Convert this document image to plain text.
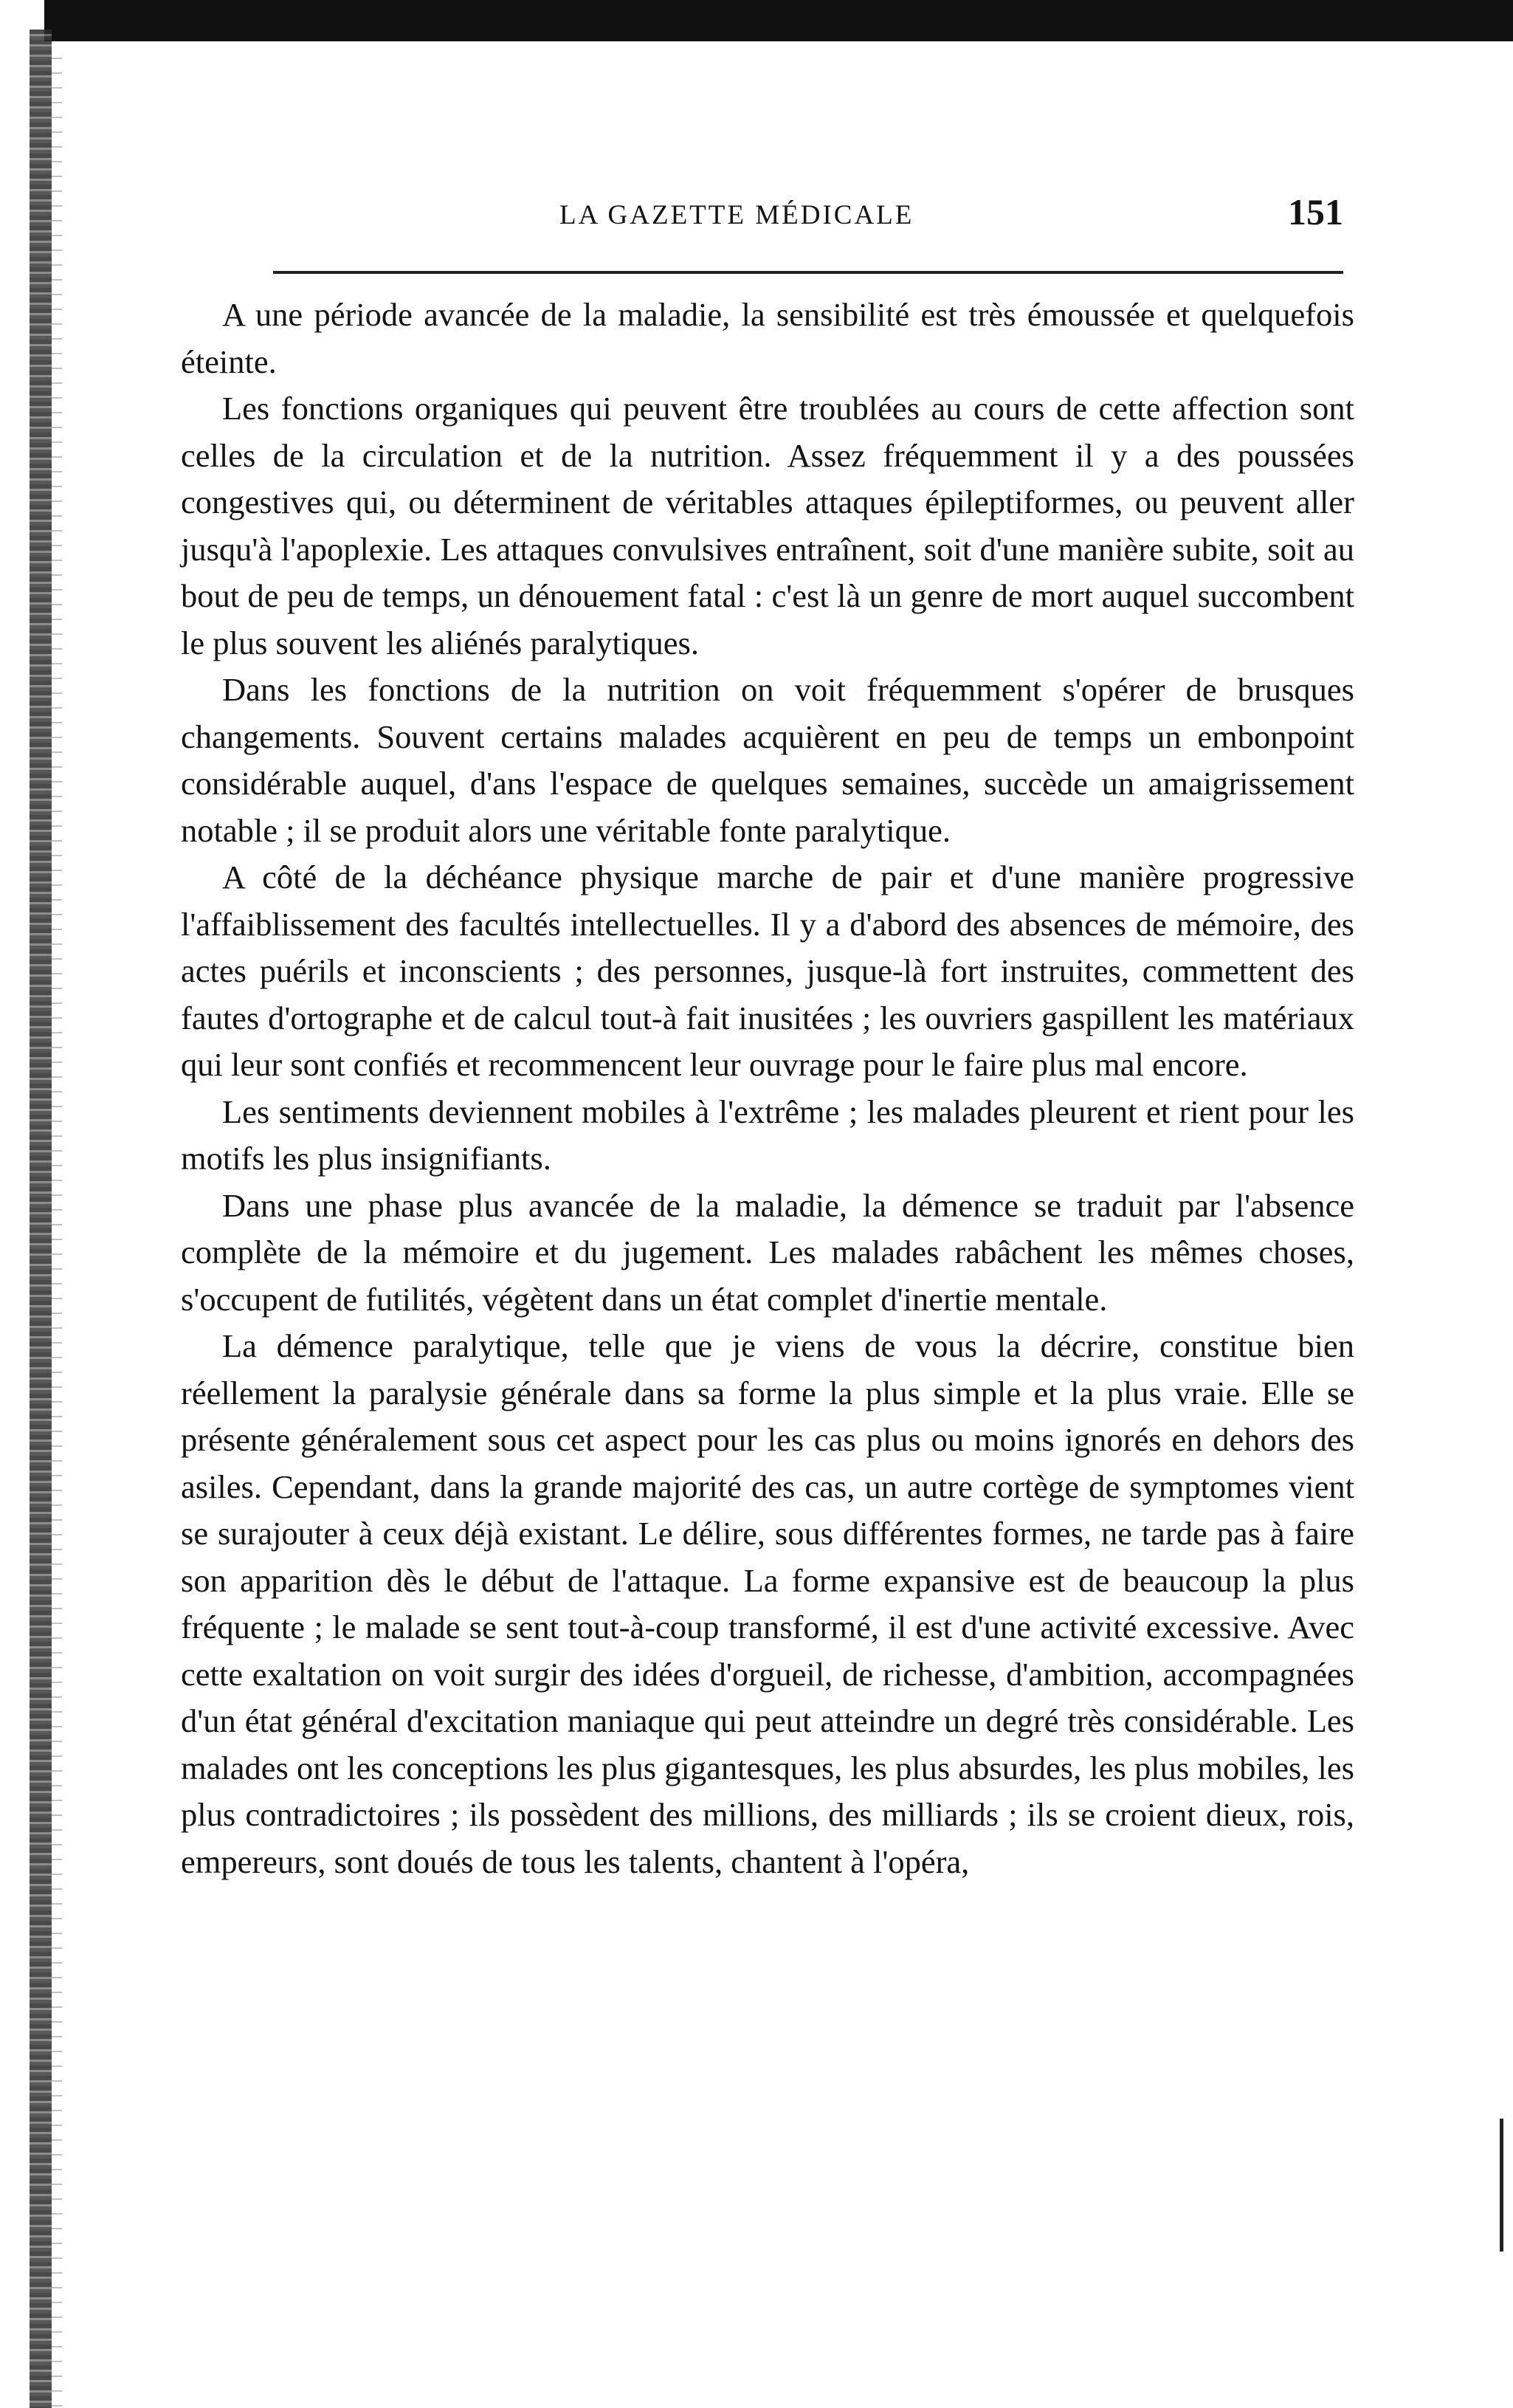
LA GAZETTE MÉDICALE	151

A une période avancée de la maladie, la sensibilité est très émoussée et quelquefois éteinte.

Les fonctions organiques qui peuvent être troublées au cours de cette affection sont celles de la circulation et de la nutrition. Assez fréquemment il y a des poussées congestives qui, ou déterminent de véritables attaques épileptiformes, ou peuvent aller jusqu'à l'apoplexie. Les attaques convulsives entraînent, soit d'une manière subite, soit au bout de peu de temps, un dénouement fatal : c'est là un genre de mort auquel succombent le plus souvent les aliénés paralytiques.

Dans les fonctions de la nutrition on voit fréquemment s'opérer de brusques changements. Souvent certains malades acquièrent en peu de temps un embonpoint considérable auquel, d'ans l'espace de quelques semaines, succède un amaigrissement notable ; il se produit alors une véritable fonte paralytique.

A côté de la déchéance physique marche de pair et d'une manière progressive l'affaiblissement des facultés intellectuelles. Il y a d'abord des absences de mémoire, des actes puérils et inconscients ; des personnes, jusque-là fort instruites, commettent des fautes d'ortographe et de calcul tout-à fait inusitées ; les ouvriers gaspillent les matériaux qui leur sont confiés et recommencent leur ouvrage pour le faire plus mal encore.

Les sentiments deviennent mobiles à l'extrême ; les malades pleurent et rient pour les motifs les plus insignifiants.

Dans une phase plus avancée de la maladie, la démence se traduit par l'absence complète de la mémoire et du jugement. Les malades rabâchent les mêmes choses, s'occupent de futilités, végètent dans un état complet d'inertie mentale.

La démence paralytique, telle que je viens de vous la décrire, constitue bien réellement la paralysie générale dans sa forme la plus simple et la plus vraie. Elle se présente généralement sous cet aspect pour les cas plus ou moins ignorés en dehors des asiles. Cependant, dans la grande majorité des cas, un autre cortège de symptomes vient se surajouter à ceux déjà existant. Le délire, sous différentes formes, ne tarde pas à faire son apparition dès le début de l'attaque. La forme expansive est de beaucoup la plus fréquente ; le malade se sent tout-à-coup transformé, il est d'une activité excessive. Avec cette exaltation on voit surgir des idées d'orgueil, de richesse, d'ambition, accompagnées d'un état général d'excitation maniaque qui peut atteindre un degré très considérable. Les malades ont les conceptions les plus gigantesques, les plus absurdes, les plus mobiles, les plus contradictoires ; ils possèdent des millions, des milliards ; ils se croient dieux, rois, empereurs, sont doués de tous les talents, chantent à l'opéra,
